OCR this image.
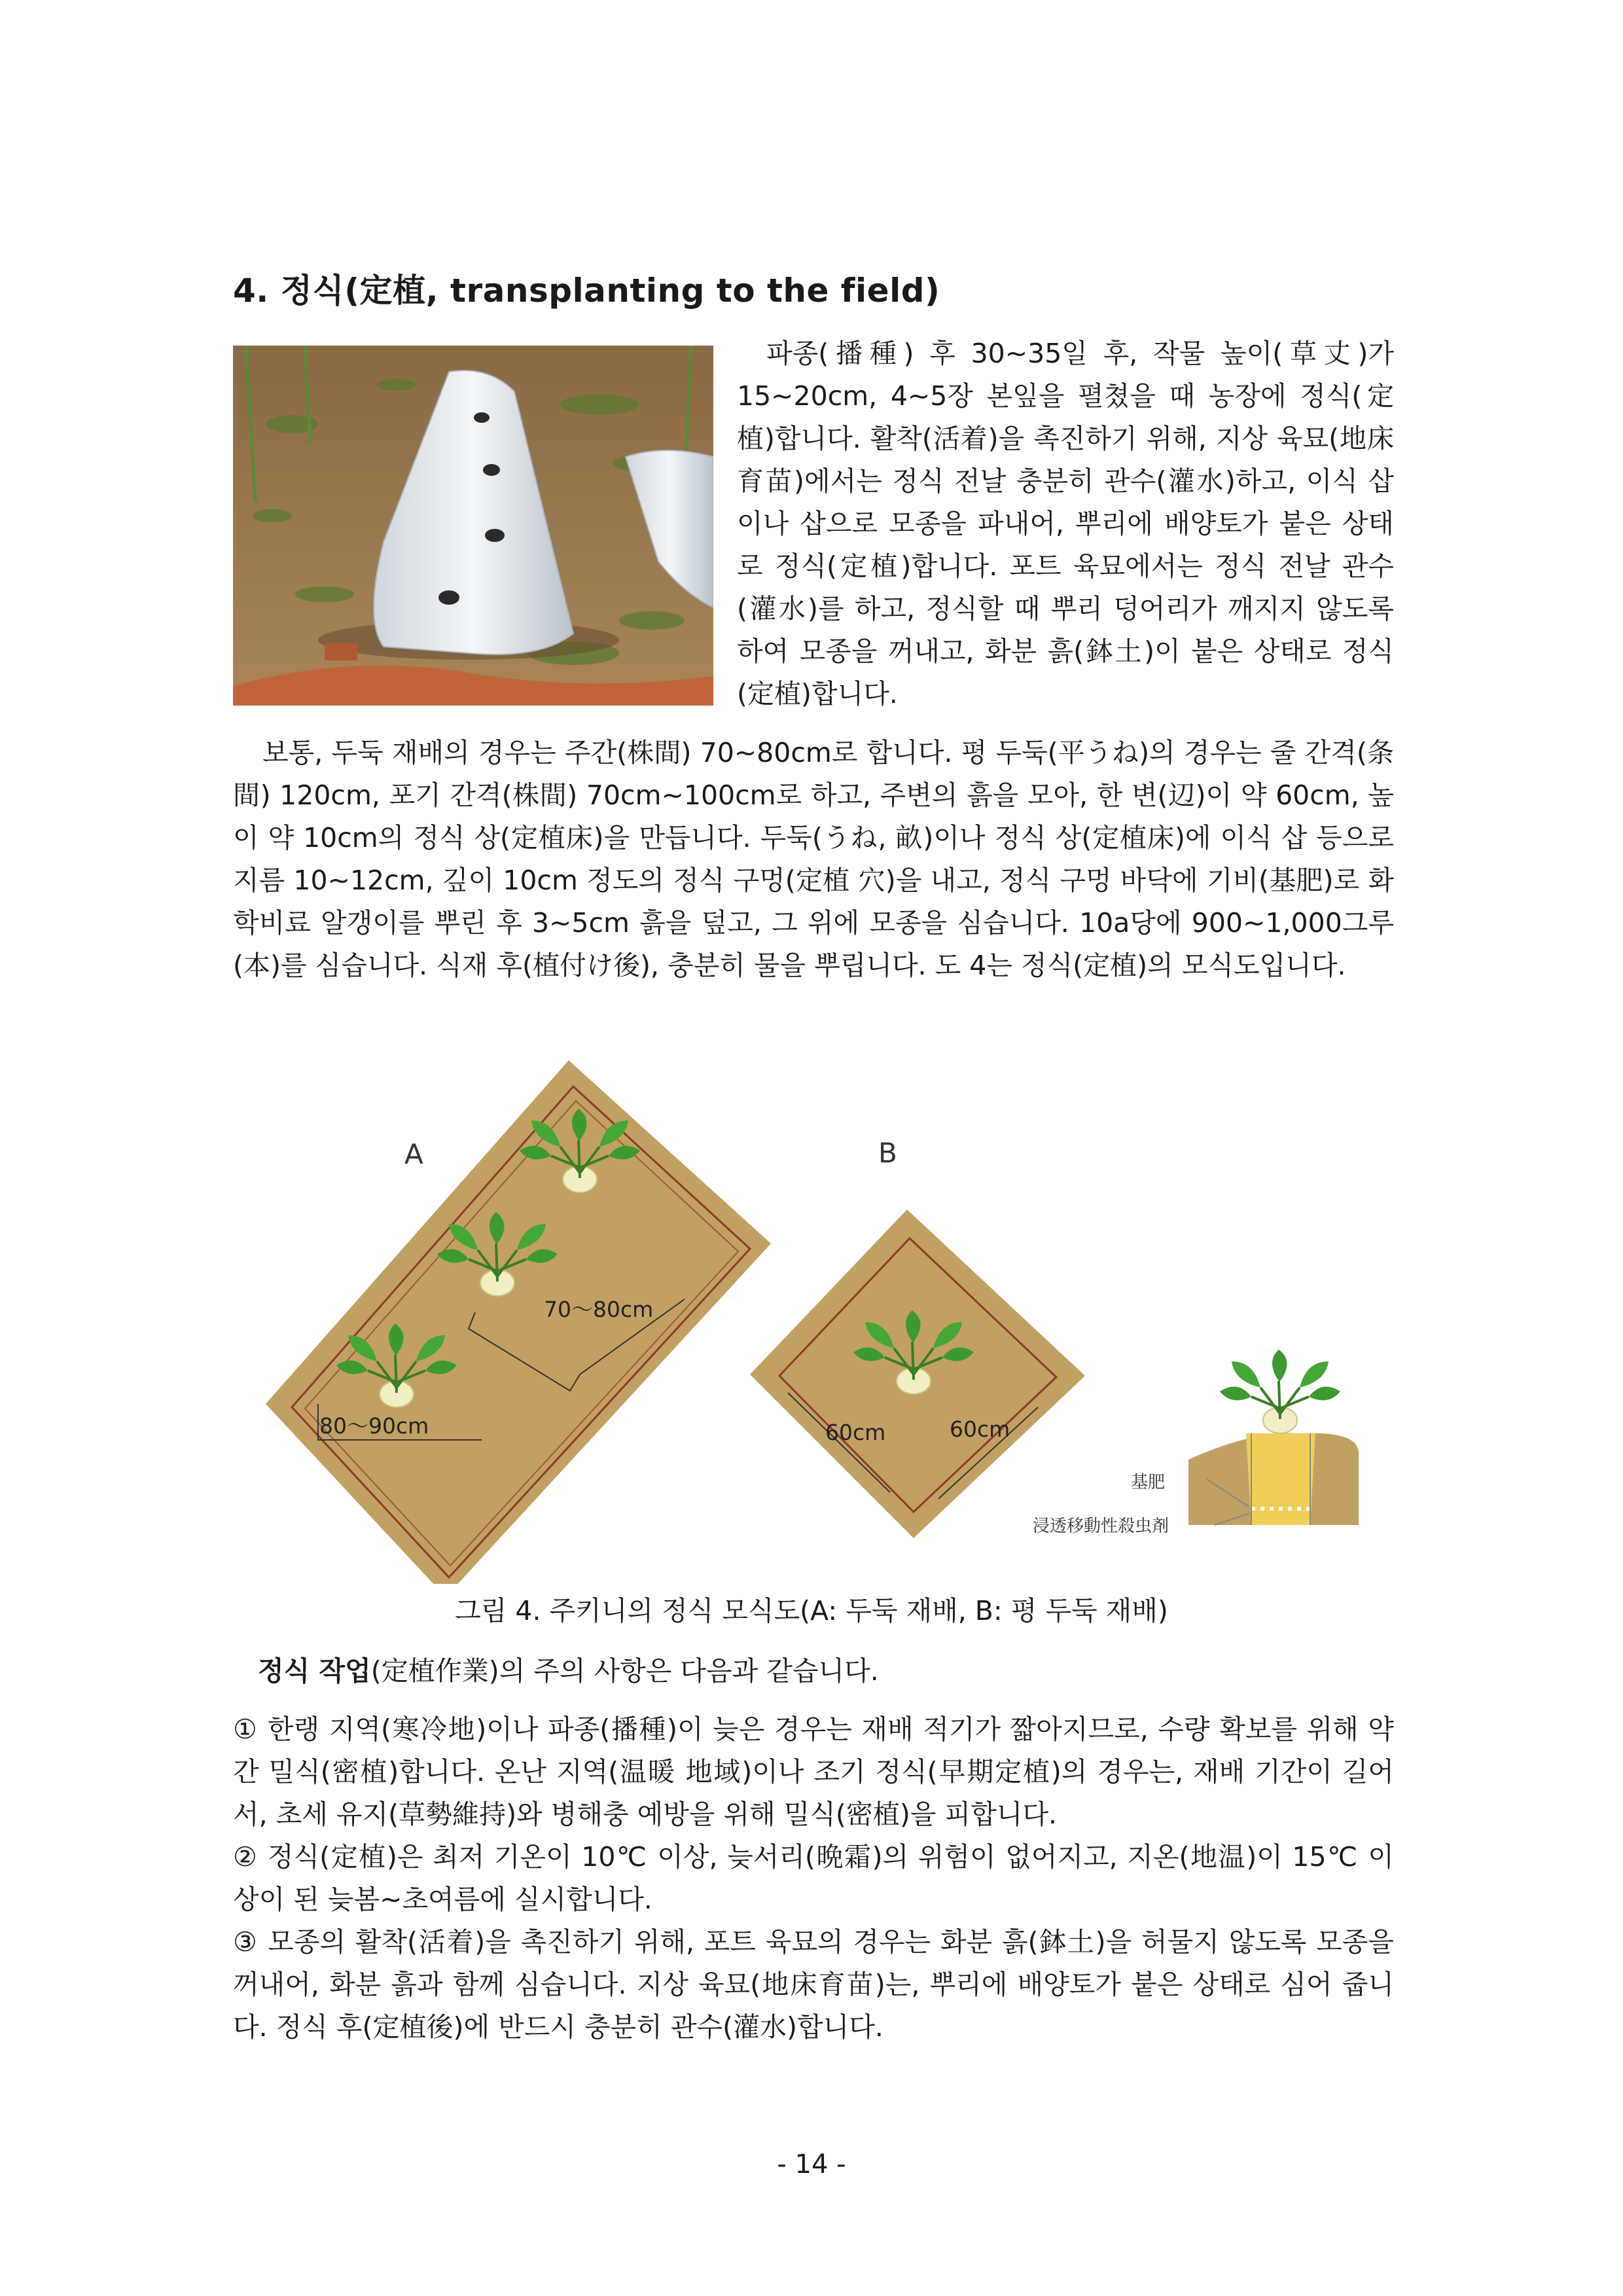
4. 정식(定植, transplanting to the field)

파종(播種) 후 30~35일 후, 작물 높이(草丈)가 15~20cm, 4~5장 본잎을 펼쳤을 때 농장에 정식(定植)합니다. 활착(活着)을 촉진하기 위해, 지상 육묘(地床育苗)에서는 정식 전날 충분히 관수(灌水)하고, 이식 삽이나 삽으로 모종을 파내어, 뿌리에 배양토가 붙은 상태로 정식(定植)합니다. 포트 육묘에서는 정식 전날 관수(灌水)를 하고, 정식할 때 뿌리 덩어리가 깨지지 않도록 하여 모종을 꺼내고, 화분 흙(鉢土)이 붙은 상태로 정식(定植)합니다.

보통, 두둑 재배의 경우는 주간(株間) 70~80cm로 합니다. 평 두둑(平うね)의 경우는 줄 간격(条間) 120cm, 포기 간격(株間) 70cm~100cm로 하고, 주변의 흙을 모아, 한 변(辺)이 약 60cm, 높이 약 10cm의 정식 상(定植床)을 만듭니다. 두둑(うね, 畝)이나 정식 상(定植床)에 이식 삽 등으로 지름 10~12cm, 깊이 10cm 정도의 정식 구멍(定植 穴)을 내고, 정식 구멍 바닥에 기비(基肥)로 화학비료 알갱이를 뿌린 후 3~5cm 흙을 덮고, 그 위에 모종을 심습니다. 10a당에 900~1,000그루(本)를 심습니다. 식재 후(植付け後), 충분히 물을 뿌립니다. 도 4는 정식(定植)의 모식도입니다.

A
70～80cm
80～90cm
B
60cm	60cm
基肥
浸透移動性殺虫剤

그림 4. 주키니의 정식 모식도(A: 두둑 재배, B: 평 두둑 재배)

정식 작업(定植作業)의 주의 사항은 다음과 같습니다.

① 한랭 지역(寒冷地)이나 파종(播種)이 늦은 경우는 재배 적기가 짧아지므로, 수량 확보를 위해 약간 밀식(密植)합니다. 온난 지역(温暖 地域)이나 조기 정식(早期定植)의 경우는, 재배 기간이 길어서, 초세 유지(草勢維持)와 병해충 예방을 위해 밀식(密植)을 피합니다.

② 정식(定植)은 최저 기온이 10℃ 이상, 늦서리(晩霜)의 위험이 없어지고, 지온(地温)이 15℃ 이상이 된 늦봄~초여름에 실시합니다.

③ 모종의 활착(活着)을 촉진하기 위해, 포트 육묘의 경우는 화분 흙(鉢土)을 허물지 않도록 모종을 꺼내어, 화분 흙과 함께 심습니다. 지상 육묘(地床育苗)는, 뿌리에 배양토가 붙은 상태로 심어 줍니다. 정식 후(定植後)에 반드시 충분히 관수(灌水)합니다.

- 14 -
